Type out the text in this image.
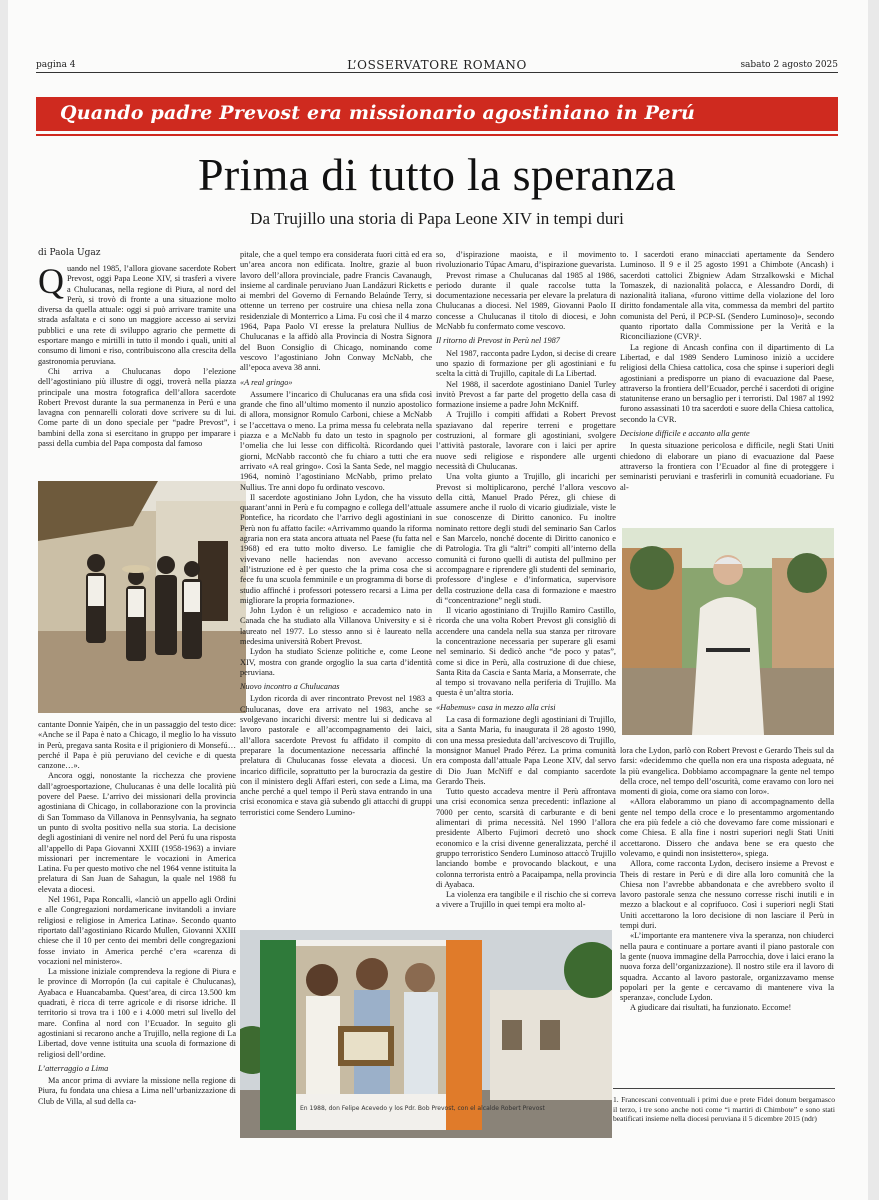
pagina 4	L’OSSERVATORE ROMANO	sabato 2 agosto 2025
Quando padre Prevost era missionario agostiniano in Perú
Prima di tutto la speranza
Da Trujillo una storia di Papa Leone XIV in tempi duri
di Paola Ugaz

Quando nel 1985, l’allora giovane sacerdote Robert Prevost, oggi Papa Leone XIV, si trasferì a vivere a Chulucanas, nella regione di Piura, al nord del Perù, si trovò di fronte a una situazione molto diversa da quella attuale: oggi si può arrivare tramite una strada asfaltata e ci sono un maggiore accesso ai servizi pubblici e una rete di sviluppo agrario che permette di esportare mango e mirtilli in tutto il mondo i quali, uniti al consumo di limoni e riso, contribuiscono alla crescita della gastronomia peruviana.

Chi arriva a Chulucanas dopo l’elezione dell’agostiniano più illustre di oggi, troverà nella piazza principale una mostra fotografica dell’allora sacerdote Robert Prevost durante la sua permanenza in Perú e una lavagna con pennarelli colorati dove scrivere su di lui. Come parte di un dono speciale per “padre Prevost”, i bambini della zona si esercitano in gruppo per imparare i passi della cumbia del Papa composta dal famoso

cantante Donnie Yaipén, che in un passaggio del testo dice: «Anche se il Papa è nato a Chicago, il meglio lo ha vissuto in Perù, pregava santa Rosita e il prigioniero di Monsefú… perché il Papa è più peruviano del ceviche e di questa canzone…».

Ancora oggi, nonostante la ricchezza che proviene dall’agroesportazione, Chulucanas è una delle località più povere del Paese. L’arrivo dei missionari della provincia agostiniana di Chicago, in collaborazione con la provincia di San Tommaso da Villanova in Pennsylvania, ha segnato un punto di svolta positivo nella sua storia. La decisione degli agostiniani di venire nel nord del Perú fu una risposta all’appello di Papa Giovanni XXIII (1958-1963) a inviare missionari per incrementare le vocazioni in America Latina. Fu per questo motivo che nel 1964 venne istituita la prelatura di San Juan de Sahagun, la quale nel 1988 fu elevata a diocesi.

Nel 1961, Papa Roncalli, «lanciò un appello agli Ordini e alle Congregazioni nordamericane invitandoli a inviare religiosi e religiose in America Latina». Secondo quanto riportato dall’agostiniano Ricardo Mullen, Giovanni XXIII chiese che il 10 per cento dei membri delle congregazioni fosse inviato in America perché c’era «carenza di vocazioni nel ministero».

La missione iniziale comprendeva la regione di Piura e le province di Morropón (la cui capitale è Chulucanas), Ayabaca e Huancabamba. Quest’area, di circa 13.500 km quadrati, è ricca di terre agricole e di risorse idriche. Il territorio si trova tra i 100 e i 4.000 metri sul livello del mare. Confina al nord con l’Ecuador. In seguito gli agostiniani si recarono anche a Trujillo, nella regione di La Libertad, dove venne istituita una scuola di formazione di religiosi dell’ordine.

L’atterraggio a Lima

Ma ancor prima di avviare la missione nella regione di Piura, fu fondata una chiesa a Lima nell’urbanizzazione di Club de Villa, al sud della ca-

pitale, che a quel tempo era considerata fuori città ed era un’area ancora non edificata. Inoltre, grazie al buon lavoro dell’allora provinciale, padre Francis Cavanaugh, insieme al cardinale peruviano Juan Landázuri Ricketts e ai membri del Governo di Fernando Belaúnde Terry, si ottenne un terreno per costruire una chiesa nella zona residenziale di Monterrico a Lima. Fu così che il 4 marzo 1964, Papa Paolo VI eresse la prelatura Nullius de Chulucanas e la affidò alla Provincia di Nostra Signora del Buon Consiglio di Chicago, nominando come vescovo l’agostiniano John Conway McNabb, che all’epoca aveva 38 anni.

«A real gringo»

Assumere l’incarico di Chulucanas era una sfida così grande che fino all’ultimo momento il nunzio apostolico di allora, monsignor Romulo Carboni, chiese a McNabb se l’accettava o meno. La prima messa fu celebrata nella piazza e a McNabb fu dato un testo in spagnolo per l’omelia che lui lesse con difficoltà. Ricordando quei giorni, McNabb raccontò che fu chiaro a tutti che era arrivato «A real gringo». Così la Santa Sede, nel maggio 1964, nominò l’agostiniano McNabb, primo prelato Nullius. Tre anni dopo fu ordinato vescovo.

Il sacerdote agostiniano John Lydon, che ha vissuto quarant’anni in Perù e fu compagno e collega dell’attuale Pontefice, ha ricordato che l’arrivo degli agostiniani in Perù non fu affatto facile: «Arrivammo quando la riforma agraria non era stata ancora attuata nel Paese (fu fatta nel 1968) ed era tutto molto diverso. Le famiglie che vivevano nelle haciendas non avevano accesso all’istruzione ed è per questo che la prima cosa che si fece fu una scuola femminile e un programma di borse di studio affinché i professori potessero recarsi a Lima per migliorare la propria formazione».

John Lydon è un religioso e accademico nato in Canada che ha studiato alla Villanova University e si è laureato nel 1977. Lo stesso anno si è laureato nella medesima università Robert Prevost.

Lydon ha studiato Scienze politiche e, come Leone XIV, mostra con grande orgoglio la sua carta d’identità peruviana.

Nuovo incontro a Chulucanas

Lydon ricorda di aver rincontrato Prevost nel 1983 a Chulucanas, dove era arrivato nel 1983, anche se svolgevano incarichi diversi: mentre lui si dedicava al lavoro pastorale e all’accompagnamento dei laici, all’allora sacerdote Prevost fu affidato il compito di preparare la documentazione necessaria affinché la prelatura di Chulucanas fosse elevata a diocesi. Un incarico difficile, soprattutto per la burocrazia da gestire con il ministero degli Affari esteri, con sede a Lima, ma anche perché a quel tempo il Perù stava entrando in una crisi economica e stava già subendo gli attacchi di gruppi terroristici come Sendero Lumino-

so, d’ispirazione maoista, e il movimento rivoluzionario Túpac Amaru, d’ispirazione guevarista.

Prevost rimase a Chulucanas dal 1985 al 1986, periodo durante il quale raccolse tutta la documentazione necessaria per elevare la prelatura di Chulucanas a diocesi. Nel 1989, Giovanni Paolo II concesse a Chulucanas il titolo di diocesi, e John McNabb fu confermato come vescovo.

Il ritorno di Prevost in Perù nel 1987

Nel 1987, racconta padre Lydon, si decise di creare uno spazio di formazione per gli agostiniani e fu scelta la città di Trujillo, capitale di La Libertad.

Nel 1988, il sacerdote agostiniano Daniel Turley invitò Prevost a far parte del progetto della casa di formazione insieme a padre John McKniff.

A Trujillo i compiti affidati a Robert Prevost spaziavano dal reperire terreni e progettare costruzioni, al formare gli agostiniani, svolgere l’attività pastorale, lavorare con i laici per aprire nuove sedi religiose e rispondere alle urgenti necessità di Chulucanas.

Una volta giunto a Trujillo, gli incarichi per Prevost si moltiplicarono, perché l’allora vescovo della città, Manuel Prado Pérez, gli chiese di assumere anche il ruolo di vicario giudiziale, viste le sue conoscenze di Diritto canonico. Fu inoltre nominato rettore degli studi del seminario San Carlos e San Marcelo, nonché docente di Diritto canonico e di Patrologia. Tra gli “altri” compiti all’interno della comunità ci furono quelli di autista del pullmino per accompagnare e riprendere gli studenti del seminario, professore d’inglese e d’informatica, supervisore della costruzione della casa di formazione e maestro di “concentrazione” negli studi.

Il vicario agostiniano di Trujillo Ramiro Castillo, ricorda che una volta Robert Prevost gli consigliò di accendere una candela nella sua stanza per ritrovare la concentrazione necessaria per superare gli esami nel seminario. Si dedicò anche “de poco y patas”, come si dice in Perù, alla costruzione di due chiese, Santa Rita da Cascia e Santa Maria, a Monserrate, che al tempo si trovavano nella periferia di Trujillo. Ma questa è un’altra storia.

«Habemus» casa in mezzo alla crisi

La casa di formazione degli agostiniani di Trujillo, sita a Santa Maria, fu inaugurata il 28 agosto 1990, con una messa presieduta dall’arcivescovo di Trujillo, monsignor Manuel Prado Pérez. La prima comunità era composta dall’attuale Papa Leone XIV, dal servo di Dio Juan McNiff e dal compianto sacerdote Gerardo Theis.

Tutto questo accadeva mentre il Perù affrontava una crisi economica senza precedenti: inflazione al 7000 per cento, scarsità di carburante e di beni alimentari di prima necessità. Nel 1990 l’allora presidente Alberto Fujimori decretò uno shock economico e la crisi divenne generalizzata, perché il gruppo terroristico Sendero Luminoso attaccò Trujillo lanciando bombe e provocando blackout, e una colonna terrorista entrò a Pacaipampa, nella provincia di Ayabaca.

La violenza era tangibile e il rischio che si correva a vivere a Trujillo in quei tempi era molto al-

to. I sacerdoti erano minacciati apertamente da Sendero Luminoso. Il 9 e il 25 agosto 1991 a Chimbote (Ancash) i sacerdoti cattolici Zbigniew Adam Strzalkowski e Michal Tomaszek, di nazionalità polacca, e Alessandro Dordi, di nazionalità italiana, «furono vittime della violazione del loro diritto fondamentale alla vita, commessa da membri del partito comunista del Perú, il PCP-SL (Sendero Luminoso)», secondo quanto riportato dalla Commissione per la Verità e la Riconciliazione (CVR)¹.

La regione di Ancash confina con il dipartimento di La Libertad, e dal 1989 Sendero Luminoso iniziò a uccidere religiosi della Chiesa cattolica, cosa che spinse i superiori degli agostiniani a predisporre un piano di evacuazione dal Paese, attraverso la frontiera dell’Ecuador, perché i sacerdoti di origine statunitense erano un bersaglio per i terroristi. Dal 1987 al 1992 furono assassinati 10 tra sacerdoti e suore della Chiesa cattolica, secondo la CVR.

Decisione difficile e accanto alla gente

In questa situazione pericolosa e difficile, negli Stati Uniti chiedono di elaborare un piano di evacuazione dal Paese attraverso la frontiera con l’Ecuador al fine di proteggere i seminaristi peruviani e trasferirli in comunità ecuadoriane. Fu al-

lora che Lydon, parlò con Robert Prevost e Gerardo Theis sul da farsi: «decidemmo che quella non era una risposta adeguata, né la più evangelica. Dobbiamo accompagnare la gente nel tempo della croce, nel tempo dell’oscurità, come eravamo con loro nei momenti di gioia, come ora siamo con loro».

«Allora elaborammo un piano di accompagnamento della gente nel tempo della croce e lo presentammo argomentando che era più fedele a ciò che dovevamo fare come missionari e come Chiesa. E alla fine i nostri superiori negli Stati Uniti accettarono. Dissero che andava bene se era questo che volevamo, e quindi non insistettero», spiega.

Allora, come racconta Lydon, decisero insieme a Prevost e Theis di restare in Perù e di dire alla loro comunità che la Chiesa non l’avrebbe abbandonata e che avrebbero svolto il lavoro pastorale senza che nessuno corresse rischi inutili e in mezzo a blackout e al coprifuoco. Così i superiori negli Stati Uniti accettarono la loro decisione di non lasciare il Perù in tempi duri.

«L’importante era mantenere viva la speranza, non chiuderci nella paura e continuare a portare avanti il piano pastorale con la gente (nuova immagine della Parrocchia, dove i laici erano la nuova forza dell’organizzazione). Il nostro stile era il lavoro di squadra. Accanto al lavoro pastorale, organizzavamo mense popolari per la gente e cercavamo di mantenere viva la speranza», conclude Lydon.

A giudicare dai risultati, ha funzionato. Eccome!

En 1988, don Felipe Acevedo y los Pdr. Bob Prevost, con el alcalde Robert Prevost
1. Francescani conventuali i primi due e prete Fidei donum bergamasco il terzo, i tre sono anche noti come “i martiri di Chimbote” e sono stati beatificati insieme nella diocesi peruviana il 5 dicembre 2015 (ndr)
